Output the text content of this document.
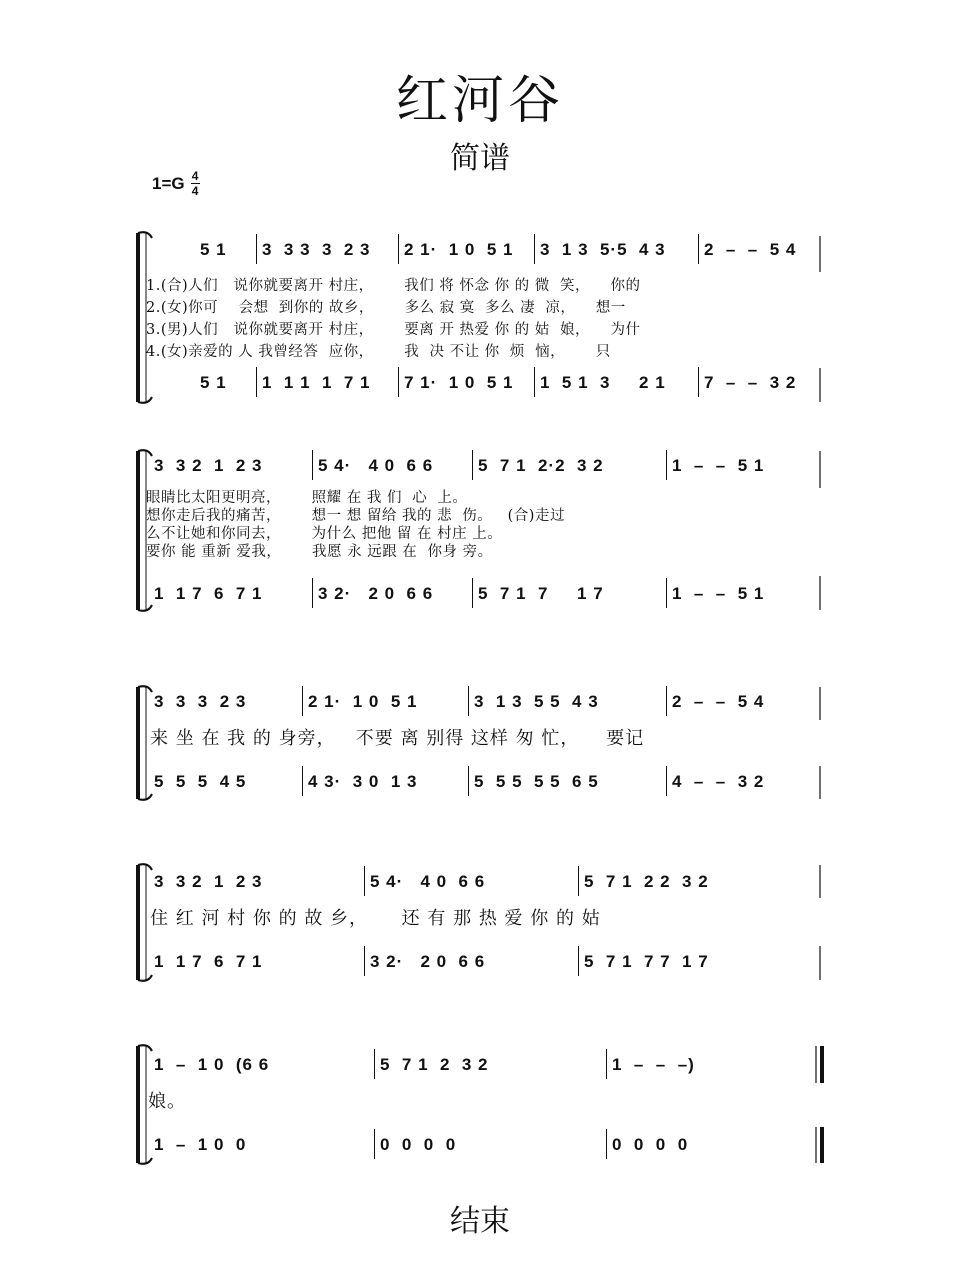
红河谷
简谱
1=G 4
4
5 1	3  3 3  3  2 3	2 1·  1 0  5 1	3  1 3  5·5  4 3	2  –  –  5 4
1.(合)人们   说你就要离开 村庄，      我们 将 怀念 你 的 微  笑，    你的
2.(女)你可    会想  到你的 故乡，      多么 寂 寞  多么 凄  凉，    想一
3.(男)人们   说你就要离开 村庄，      要离 开 热爱 你 的 姑  娘，    为什
4.(女)亲爱的 人 我曾经答  应你，      我  决 不让 你  烦  恼，      只
5 1	1  1 1  1  7 1	7 1·  1 0  5 1	1  5 1  3     2 1	7  –  –  3 2
3  3 2  1  2 3	5 4·   4 0  6 6	5  7 1  2·2  3 2	1  –  –  5 1
眼睛比太阳更明亮，      照耀 在 我 们  心  上。
想你走后我的痛苦，      想一 想 留给 我的 悲  伤。   (合)走过
么不让她和你同去，      为什么 把他 留 在 村庄 上。
要你 能 重新 爱我，      我愿 永 远跟 在  你身 旁。
1  1 7  6  7 1	3 2·   2 0  6 6	5  7 1  7     1 7	1  –  –  5 1
3  3  3  2 3	2 1·  1 0  5 1	3  1 3  5 5  4 3	2  –  –  5 4
来 坐 在 我 的 身旁，   不要 离 别得 这样 匆 忙，    要记
5  5  5  4 5	4 3·  3 0  1 3	5  5 5  5 5  6 5	4  –  –  3 2
3  3 2  1  2 3	5 4·   4 0  6 6	5  7 1  2 2  3 2
住 红 河 村 你 的 故 乡，     还 有 那 热 爱 你 的 姑
1  1 7  6  7 1	3 2·   2 0  6 6	5  7 1  7 7  1 7
1  –  1 0  (6 6	5  7 1  2  3 2	1  –  –  –)
娘。
1  –  1 0  0	0  0  0  0	0  0  0  0
结束
